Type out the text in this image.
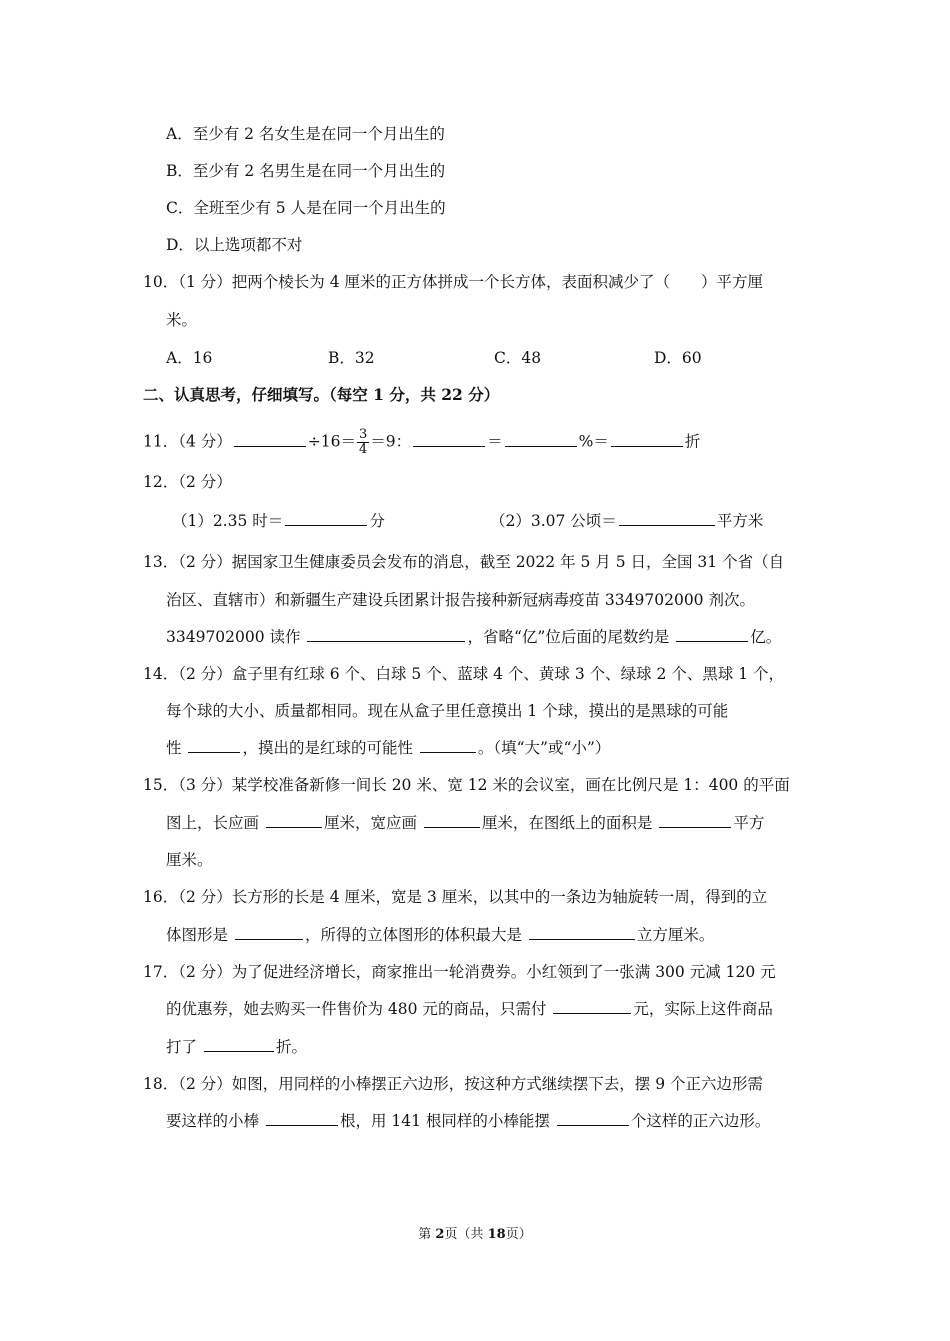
A．至少有 2 名女生是在同一个月出生的
B．至少有 2 名男生是在同一个月出生的
C．全班至少有 5 人是在同一个月出生的
D．以上选项都不对
10．（1 分）把两个棱长为 4 厘米的正方体拼成一个长方体，表面积减少了（　　）平方厘
米。
A．16	B．32	C．48	D．60
二、认真思考，仔细填写。（每空 1 分，共 22 分）
11．（4 分）	$\div 16= \frac{3}{4} =9$：	＝	%＝	折
12．（2 分）
（1）2.35 时＝	分	（2）3.07 公顷＝	平方米
13．（2 分）据国家卫生健康委员会发布的消息，截至 2022 年 5 月 5 日，全国 31 个省（自
治区、直辖市）和新疆生产建设兵团累计报告接种新冠病毒疫苗 3349702000 剂次。
3349702000 读作	，省略“亿”位后面的尾数约是	亿。
14．（2 分）盒子里有红球 6 个、白球 5 个、蓝球 4 个、黄球 3 个、绿球 2 个、黑球 1 个，
每个球的大小、质量都相同。现在从盒子里任意摸出 1 个球，摸出的是黑球的可能
性	，摸出的是红球的可能性	。（填“大”或“小”）
15．（3 分）某学校准备新修一间长 20 米、宽 12 米的会议室，画在比例尺是 1：400 的平面
图上，长应画	厘米，宽应画	厘米，在图纸上的面积是	平方
厘米。
16．（2 分）长方形的长是 4 厘米，宽是 3 厘米，以其中的一条边为轴旋转一周，得到的立
体图形是	，所得的立体图形的体积最大是	立方厘米。
17．（2 分）为了促进经济增长，商家推出一轮消费券。小红领到了一张满 300 元减 120 元
的优惠券，她去购买一件售价为 480 元的商品，只需付	元，实际上这件商品
打了	折。
18．（2 分）如图，用同样的小棒摆正六边形，按这种方式继续摆下去，摆 9 个正六边形需
要这样的小棒	根，用 141 根同样的小棒能摆	个这样的正六边形。
第 2页（共 18页）
